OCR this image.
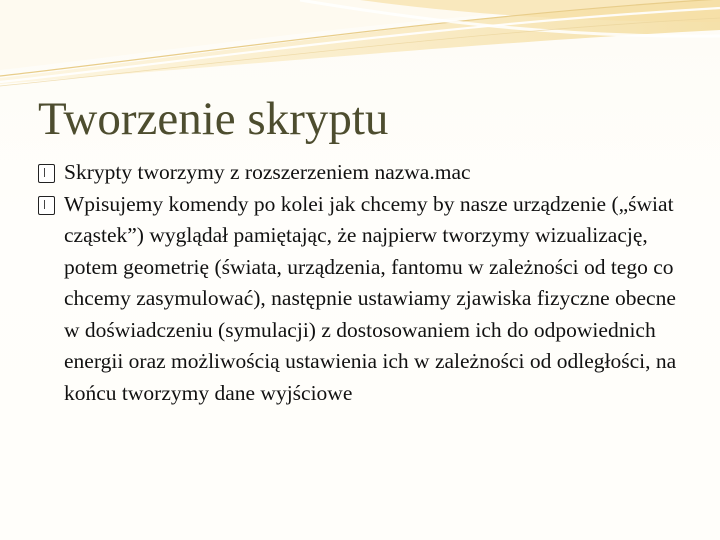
Tworzenie skryptu
Skrypty tworzymy z rozszerzeniem nazwa.mac
Wpisujemy komendy po kolei jak chcemy by nasze urządzenie („świat cząstek”) wyglądał pamiętając, że najpierw tworzymy wizualizację, potem geometrię (świata, urządzenia, fantomu w zależności od tego co chcemy zasymulować), następnie ustawiamy zjawiska fizyczne obecne w doświadczeniu (symulacji) z dostosowaniem ich do odpowiednich energii oraz możliwością ustawienia ich w zależności od odległości, na końcu tworzymy dane wyjściowe
